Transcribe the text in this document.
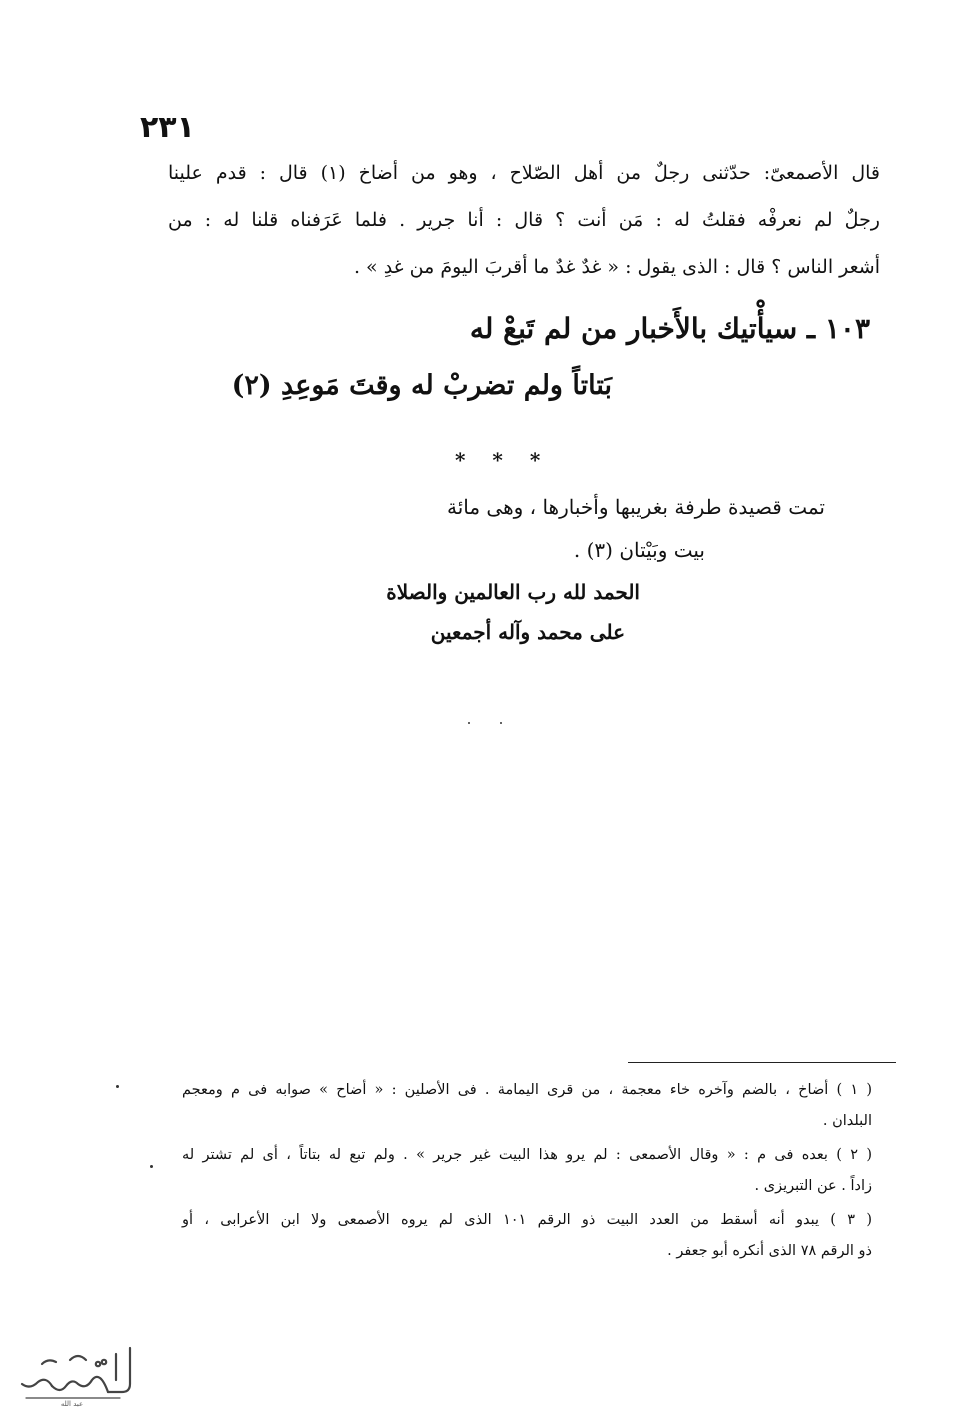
٢٣١
قال الأصمعىّ: حدّثنى رجلٌ من أهل الصّلاح ، وهو من أضاخ (١) قال : قدم علينا
رجلٌ لم نعرفْه فقلتُ له : مَن أنت ؟ قال : أنا جرير . فلما عَرَفناه قلنا له : من
أشعر الناس ؟ قال : الذى يقول : « غدٌ غدٌ ما أقربَ اليومَ من غدِ » .
١٠٣ ـ سيأْتيك بالأَخبار من لم تَبعْ له
بَتاتاً ولم تضربْ له وقتَ مَوعِدِ (٢)
* * *
تمت قصيدة طرفة بغريبها وأخبارها ، وهى مائة
بيت وبَيْتان (٣) .
الحمد لله رب العالمين والصلاة
على محمد وآله أجمعين
( ١ ) أضاخ ، بالضم وآخره خاء معجمة ، من قرى اليمامة . فى الأصلين : « أضاح » صوابه فى م ومعجم
البلدان .
( ٢ ) بعده فى م : « وقال الأصمعى : لم يرو هذا البيت غير جرير » . ولم تبع له بتاتاً ، أى لم تشتر له
زاداً . عن التبريزى .
( ٣ ) يبدو أنه أسقط من العدد البيت ذو الرقم ١٠١ الذى لم يروه الأصمعى ولا ابن الأعرابى ، أو
ذو الرقم ٧٨ الذى أنكره أبو جعفر .
عبد الله
